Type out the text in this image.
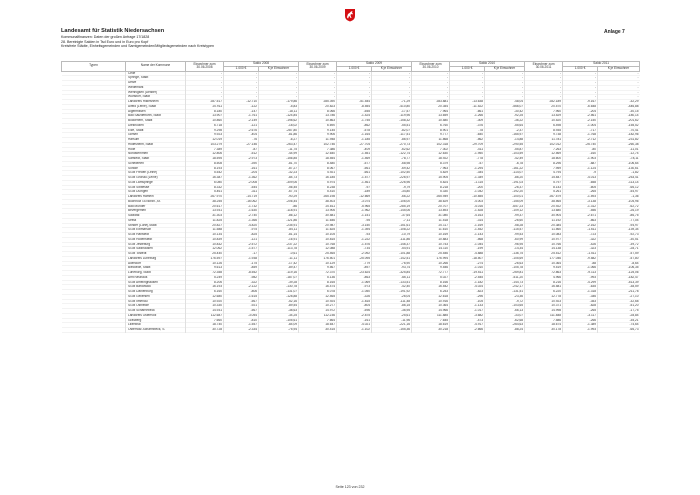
Landesamt für Statistik Niedersachsen
Kommunalfinanzen: Daten der großen Anfrage 17/1828
28. Bereinigte Salden in Tsd Euro und in Euro pro Kopf
Kreisfreie Städte, Einheitsgemeinden und Samtgemeinden/Mitgliedsgemeinden nach Kreistypen
Anlage 7
Typen	Name der Kommune	Einwohner zum 30.06.2008	Saldo 2008		Einwohner zum 30.06.2009	Saldo 2009		Einwohner zum 30.06.2010	Saldo 2010		Einwohner zum 30.06.2011	Saldo 2011	
			1.000 €	€ je Einwohner		1.000 €	€ je Einwohner		1.000 €	€ je Einwohner		1.000 €	€ je Einwohner
	Celle	-	-	-	-	-	-	-	-	-	-	-	-
	Springe, Stadt	-	-	-	-	-	-	-	-	-	-	-	-
	Uetze	-	-	-	-	-	-	-	-	-	-	-	-
	Wedemark	-	-	-	-	-	-	-	-	-	-	-	-
	Wennigsen (Deister)	-	-	-	-	-	-	-	-	-	-	-	-
	Wunstorf, Stadt	-	-	-	-	-	-	-	-	-	-	-	-
	Landkreis Hildesheim	287.517	-12.710	-179,86	285.390	-51.544	-71,29	283.881	-13.638	-48,04	282.189	-9.167	-32,29
	Alfeld (Leine), Stadt	20.911	-122	-5,83	20.823	-8.554	-410,80	20.354	-11.522	-566,07	20.570	-6.648	-446,88
	Algermissen	8.180	-147	-18,11	8.066	-555	-17,57	7.964	-661	-30,42	7.960	-204	-30,15
	Bad Salzdetfurth, Stadt	13.907	-1.761	-124,84	13.786	-1.424	-119,96	13.659	-1.266	-92,25	13.529	-2.561	-180,14
	Bockenem, Stadt	10.860	-2.149	-198,62	10.863	-1.755	-158,32	10.580	-309	-36,22	10.520	-2.150	-201,62
	Diekholzen	6.718	-121	-18,02	6.690	-862	-55,51	6.760	-376	-55,64	6.498	-1.004	-155,52
	Elze, Stadt	9.298	-2.676	-287,80	9.145	-578	-82,07	8.901	-78	-2,37	8.935	-717	-70,41
	Giesen	9.923	-404	-81,86	9.906	-1.164	-117,51	9.777	-640	-165,97	9.738	-1.768	-182,96
	Harsum	12.019	-76	-6,27	11.948	-1.185	-86,97	11.868	-562	-14,88	11.781	-2.712	-231,82
	Hildesheim, Stadt	103.279	-27.146	-263,47	102.746	-27.704	-270,73	102.318	-29.709	-290,55	102.012	-26.740	-260,38
	Holle	7.389	-87	-11,75	7.386	-409	-62,62	7.302	-411	-55,87	7.263	-80	-11,01
	Nordstemmen	12.806	-512	-44,99	12.640	-1.551	-122,74	12.630	-1.950	-103,59	12.569	-160	-12,74
	Sarstedt, Stadt	18.595	-2.973	-156,85	18.554	-1.469	-78,77	18.922	-778	-42,49	18.600	-1.903	-78,11
	Schellerten	8.508	-390	-81,70	8.480	-577	-68,98	8.379	-57	-6,78	8.296	-887	-106,64
	Söhlde	8.193	-161	-87,27	8.067	-561	-69,42	7.963	-1.294	-161,22	7.959	-1.124	-130,61
	SGM Freden (Leine)	5.542	-204	-32,23	4.921	-661	-102,50	4.829	-344	-114,07	4.794	-9	-1,82
	SGM Gronau (Leine)	16.387	-1.362	-84,73	16.185	-1.577	-226,97	15.905	-1.349	-86,20	15.847	-4.013	-253,41
	SGM Lamspringe	6.080	-2.008	-309,06	5.974	-1.461	-226,96	5.824	-1.115	-191,03	5.797	-658	-113,14
	SGM Sibbesse	8.332	-544	-56,45	8.238	-97	-9,79	8.218	-200	-26,37	8.143	-605	-66,12
	SGM Duingen	5.461	-311	-67,74	5.410	-189	-34,80	5.330	-1.042	-192,20	5.261	-265	-54,97
	Landkreis Hameln	267.970	-14.719	-90,29	265.198	-12.669	-66,22	265.949	-10.855	-100,01	267.579	-1.593	-1,36
	Buchholz i.d.Nordh.,St.	38.255	-16.062	-206,44	38.403	-3.074	-106,00	38.629	-4.003	-155,09	38.565	-3.138	-104,96
	Bad Münder	20.617	-1.732	-86	20.811	-5.965	-285,19	20.707	-4.016	-657,23	20.922	-1.312	-62,72
	Bevergemen	13.931	-1.630	-118,91	13.906	-1.962	-145,06	13.893	-1.528	-109,12	13.680	-556	-26,19
	Salzdtal	31.303	-2.740	-86,12	30.581	-1.151	-37,64	31.080	-4.163	-99,37	30.904	-2.671	-86,75
	Seela	11.825	-1.366	-121,86	11.646	-95	-7,11	11.518	-314	-26,60	11.192	-863	-77,04
	Stinder (Luhe),Stadt	20.827	-4.820	-235,91	20.987	-3.150	-151,61	20.117	-1.169	-58,28	20.384	-2.162	-94,97
	SGM Elbmarsch	11.588	-975	-84,11	11.625	-1.394	-108,22	11.610	-1.452	-115,57	11.560	-1.611	-139,34
	SGM Hanstedt	10.134	-825	-81,14	10.105	-93	-10,79	10.169	-1.143	-99,53	10.083	-723	-92,73
	SGM Hollenstedt	10.839	-121	-16,91	10.815	-1.222	-111,86	10.883	-568	-60,99	10.977	-322	-30,51
	SGM Jesteburg	10.832	-2.572	-237,22	10.768	-1.576	-146,37	10.753	-1.044	-96,95	10.766	-426	-39,72
	SGM Salzhausen	12.062	-1.577	-113,78	12.088	-734	-54,91	14.110	-199	-14,34	14.138	-323	-28,71
	SGM Tostedt	25.440	-17	-0,61	25.465	-2.092	-101,88	25.546	-4.888	-136,75	25.512	-1.511	-57,59
	Landkreis Lüneburg	176.597	-1.938	-11,11	176.501	-25.095	-142,51	176.994	-18.507	-105,69	177.046	-9.582	-57,80
	Adendorf	10.126	-175	-17,42	10.129	-779	-76,90	10.266	-274	-26,63	10.364	-88	-8,64
	Bleckede, Stadt	9.613	-859	-89,47	9.567	-897	-93,74	9.546	-1.010	-105,78	9.519	-1.066	-106,35
	Lüneburg, Stadt	72.358	-8.552	-119,16	72.370	-23.624	-325,84	72.777	-19.611	-269,81	72.863	-9.113	-125,06
	Amt Neuhaus	5.249	-982	-187,07	5.136	-863	-66,11	5.027	-2.545	-511,20	4.966	-993	-182,47
	SGM Amelinghausen	8.206	-322	-39,28	8.165	-1.069	-133,51	8.166	-1.182	-144,73	8.216	-4.299	-513,39
	SGM Bardowick	16.193	-2.122	-130,78	16.474	-973	-42,40	16.542	-4.024	-242,17	16.581	-635	-38,59
	SGM Dahlenburg	6.160	-806	-131,07	6.078	-1.050	-191,92	6.253	-823	-131,51	6.220	-1.318	-211,78
	SGM Gellersen	12.680	-1.615	-128,88	12.465	-326	-26,04	12.618	-296	-23,36	12.778	-346	-27,10
	SGM Ilmenau	10.920	-567	-52,16	10.924	-1.815	-111,48	10.916	-105	-9,72	10.923	-353	-32,68
	SGM Ostheide	10.330	-921	-89,54	10.277	-804	-86,15	10.364	-1.133	-103,65	10.371	-828	-51,20
	SGM Scharnebeck	14.931	-567	-38,63	14.972	-596	-36,95	14.966	-1.017	-66,13	14.998	-265	-17,75
	Landkreis Osterholz	112.687	-3.054	-34,25	112.236	-2.875	-25,61	111.885	-3.682	-33,07	111.848	-3.117	-28,84
	Grasberg	7.660	-810	-105,61	7.664	-161	-11,96	7.645	-473	-62,68	7.586	-266	-35,21
	Lilienthal	18.740	-1.557	-84,09	18.647	-4.021	-221,16	18.619	-4.917	-264,63	18.674	-1.389	-74,64
	Osterholz-Scharmbeck, S.	30.728	-2.334	-75,94	30.415	-1.102	-155,36	30.218	-2.666	-88,24	30.178	-1.993	-66,73
Seite 123 von 232
